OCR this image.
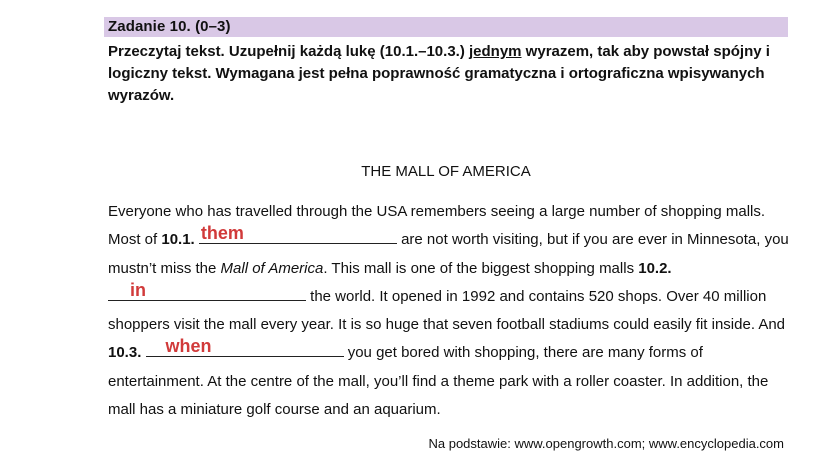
Zadanie 10. (0–3)
Przeczytaj tekst. Uzupełnij każdą lukę (10.1.–10.3.) jednym wyrazem, tak aby powstał spójny i logiczny tekst. Wymagana jest pełna poprawność gramatyczna i ortograficzna wpisywanych wyrazów.
THE MALL OF AMERICA
Everyone who has travelled through the USA remembers seeing a large number of shopping malls. Most of 10.1. them	are not worth visiting, but if you are ever in Minnesota, you mustn’t miss the Mall of America. This mall is one of the biggest shopping malls 10.2.
in	the world. It opened in 1992 and contains 520 shops. Over 40 million shoppers visit the mall every year. It is so huge that seven football stadiums could easily fit inside. And 10.3. when	you get bored with shopping, there are many forms of entertainment. At the centre of the mall, you’ll find a theme park with a roller coaster. In addition, the mall has a miniature golf course and an aquarium.
Na podstawie: www.opengrowth.com; www.encyclopedia.com
